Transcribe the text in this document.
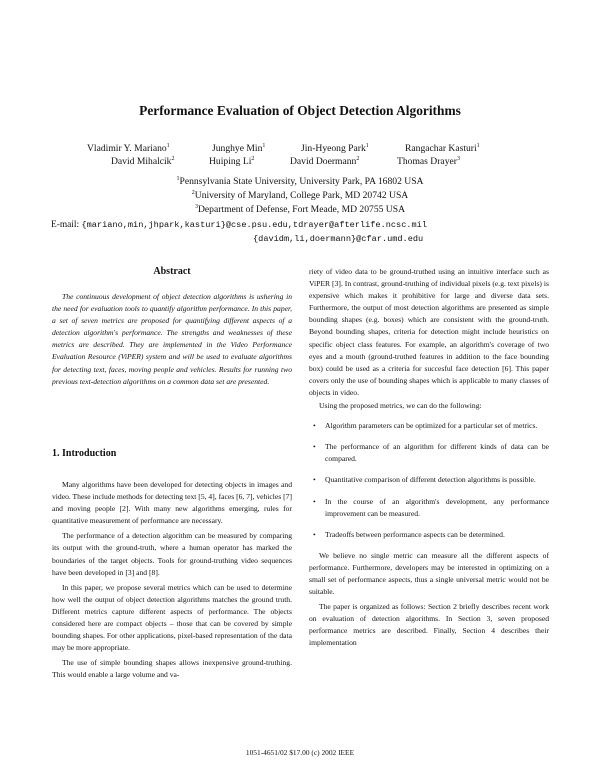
Performance Evaluation of Object Detection Algorithms
Vladimir Y. Mariano$^1$	Junghye Min$^1$	Jin-Hyeong Park$^1$	Rangachar Kasturi$^1$
David Mihalcik$^2$	Huiping Li$^2$	David Doermann$^2$	Thomas Drayer$^3$
$^1$Pennsylvania State University, University Park, PA 16802 USA
$^2$University of Maryland, College Park, MD 20742 USA
$^3$Department of Defense, Fort Meade, MD 20755 USA
E-mail: {mariano,min,jhpark,kasturi}@cse.psu.edu,tdrayer@afterlife.ncsc.mil
{davidm,li,doermann}@cfar.umd.edu
Abstract

The continuous development of object detection algorithms is ushering in the need for evaluation tools to quantify algorithm performance. In this paper, a set of seven metrics are proposed for quantifying different aspects of a detection algorithm's performance. The strengths and weaknesses of these metrics are described. They are implemented in the Video Performance Evaluation Resource (ViPER) system and will be used to evaluate algorithms for detecting text, faces, moving people and vehicles. Results for running two previous text-detection algorithms on a common data set are presented.

1. Introduction

Many algorithms have been developed for detecting objects in images and video. These include methods for detecting text [5, 4], faces [6, 7], vehicles [7] and moving people [2]. With many new algorithms emerging, rules for quantitative measurement of performance are necessary.

The performance of a detection algorithm can be measured by comparing its output with the ground-truth, where a human operator has marked the boundaries of the target objects. Tools for ground-truthing video sequences have been developed in [3] and [8].

In this paper, we propose several metrics which can be used to determine how well the output of object detection algorithms matches the ground truth. Different metrics capture different aspects of performance. The objects considered here are compact objects – those that can be covered by simple bounding shapes. For other applications, pixel-based representation of the data may be more appropriate.

The use of simple bounding shapes allows inexpensive ground-truthing. This would enable a large volume and va-

riety of video data to be ground-truthed using an intuitive interface such as ViPER [3]. In contrast, ground-truthing of individual pixels (e.g. text pixels) is expensive which makes it prohibitive for large and diverse data sets. Furthermore, the output of most detection algorithms are presented as simple bounding shapes (e.g. boxes) which are consistent with the ground-truth. Beyond bounding shapes, criteria for detection might include heuristics on specific object class features. For example, an algorithm's coverage of two eyes and a mouth (ground-truthed features in addition to the face bounding box) could be used as a criteria for succesful face detection [6]. This paper covers only the use of bounding shapes which is applicable to many classes of objects in video.

Using the proposed metrics, we can do the following:

• Algorithm parameters can be optimized for a particular set of metrics.
• The performance of an algorithm for different kinds of data can be compared.
• Quantitative comparison of different detection algorithms is possible.
• In the course of an algorithm's development, any performance improvement can be measured.
• Tradeoffs between performance aspects can be determined.

We believe no single metric can measure all the different aspects of performance. Furthermore, developers may be interested in optimizing on a small set of performance aspects, thus a single universal metric would not be suitable.

The paper is organized as follows: Section 2 briefly describes recent work on evaluation of detection algorithms. In Section 3, seven proposed performance metrics are described. Finally, Section 4 describes their implementation

1051-4651/02 $17.00 (c) 2002 IEEE
